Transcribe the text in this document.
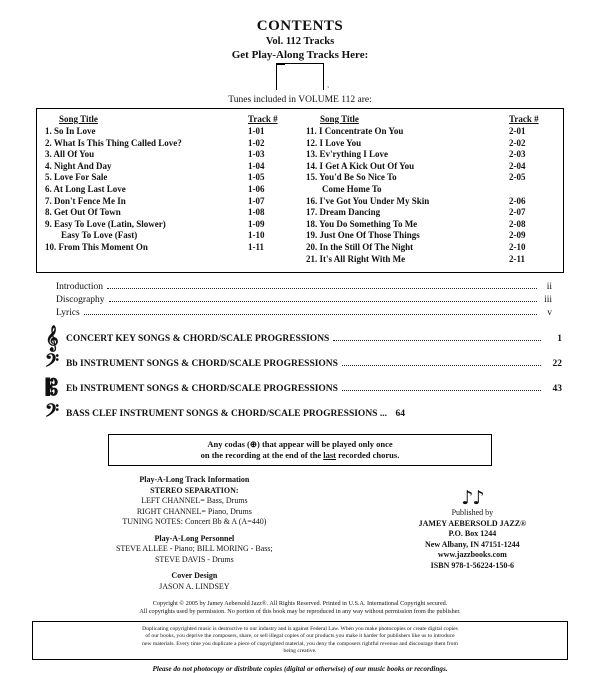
CONTENTS
Vol. 112 Tracks
Get Play-Along Tracks Here:
s
Tunes included in VOLUME 112 are:
Song Title	Track #
1. So In Love	1-01
2. What Is This Thing Called Love?	1-02
3. All Of You	1-03
4. Night And Day	1-04
5. Love For Sale	1-05
6. At Long Last Love	1-06
7. Don't Fence Me In	1-07
8. Get Out Of Town	1-08
9. Easy To Love (Latin, Slower)	1-09
Easy To Love (Fast)	1-10
10. From This Moment On	1-11
Song Title	Track #
11. I Concentrate On You	2-01
12. I Love You	2-02
13. Ev'rything I Love	2-03
14. I Get A Kick Out Of You	2-04
15. You'd Be So Nice To	2-05
Come Home To
16. I've Got You Under My Skin	2-06
17. Dream Dancing	2-07
18. You Do Something To Me	2-08
19. Just One Of Those Things	2-09
20. In the Still Of The Night	2-10
21. It's All Right With Me	2-11
Introduction	ii
Discography	iii
Lyrics	v
𝄞 CONCERT KEY SONGS & CHORD/SCALE PROGRESSIONS	1
𝄢 Bb INSTRUMENT SONGS & CHORD/SCALE PROGRESSIONS	22
𝄡 Eb INSTRUMENT SONGS & CHORD/SCALE PROGRESSIONS	43
𝄢 BASS CLEF INSTRUMENT SONGS & CHORD/SCALE PROGRESSIONS ... 64
Any codas (⊕) that appear will be played only once
on the recording at the end of the last recorded chorus.
Play-A-Long Track Information
STEREO SEPARATION:
LEFT CHANNEL= Bass, Drums
RIGHT CHANNEL= Piano, Drums
TUNING NOTES: Concert Bb & A (A=440)
Play-A-Long Personnel
STEVE ALLEE - Piano; BILL MORING - Bass;
STEVE DAVIS - Drums
Cover Design
JASON A. LINDSEY
♪♪
Published by
JAMEY AEBERSOLD JAZZ®
P.O. Box 1244
New Albany, IN 47151-1244
www.jazzbooks.com
ISBN 978-1-56224-150-6
Copyright © 2005 by Jamey Aebersold Jazz®. All Rights Reserved. Printed in U.S.A. International Copyright secured.
All copyrights used by permission. No portion of this book may be reproduced in any way without permission from the publisher.
Duplicating copyrighted music is destructive to our industry and is against Federal Law. When you make photocopies or create digital copies
of our books, you deprive the composers, share, or sell illegal copies of our products you make it harder for publishers like us to introduce
new materials. Every time you duplicate a piece of copyrighted material, you deny the composers rightful revenue and discourage them from
being creative.
Please do not photocopy or distribute copies (digital or otherwise) of our music books or recordings.
